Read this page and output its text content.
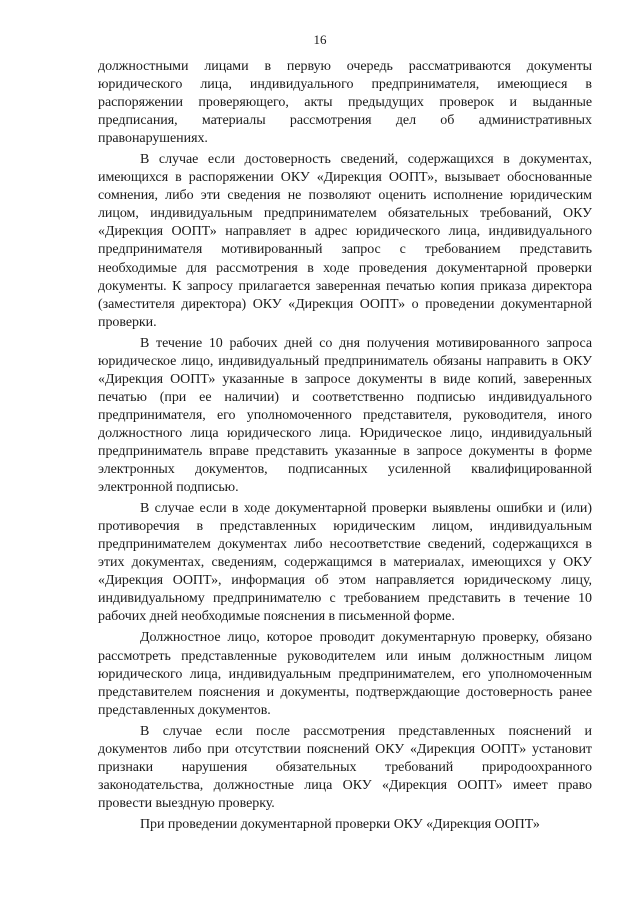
16

должностными лицами в первую очередь рассматриваются документы юридического лица, индивидуального предпринимателя, имеющиеся в распоряжении проверяющего, акты предыдущих проверок и выданные предписания, материалы рассмотрения дел об административных правонарушениях.

В случае если достоверность сведений, содержащихся в документах, имеющихся в распоряжении ОКУ «Дирекция ООПТ», вызывает обоснованные сомнения, либо эти сведения не позволяют оценить исполнение юридическим лицом, индивидуальным предпринимателем обязательных требований, ОКУ «Дирекция ООПТ» направляет в адрес юридического лица, индивидуального предпринимателя мотивированный запрос с требованием представить необходимые для рассмотрения в ходе проведения документарной проверки документы. К запросу прилагается заверенная печатью копия приказа директора (заместителя директора) ОКУ «Дирекция ООПТ» о проведении документарной проверки.

В течение 10 рабочих дней со дня получения мотивированного запроса юридическое лицо, индивидуальный предприниматель обязаны направить в ОКУ «Дирекция ООПТ» указанные в запросе документы в виде копий, заверенных печатью (при ее наличии) и соответственно подписью индивидуального предпринимателя, его уполномоченного представителя, руководителя, иного должностного лица юридического лица. Юридическое лицо, индивидуальный предприниматель вправе представить указанные в запросе документы в форме электронных документов, подписанных усиленной квалифицированной электронной подписью.

В случае если в ходе документарной проверки выявлены ошибки и (или) противоречия в представленных юридическим лицом, индивидуальным предпринимателем документах либо несоответствие сведений, содержащихся в этих документах, сведениям, содержащимся в материалах, имеющихся у ОКУ «Дирекция ООПТ», информация об этом направляется юридическому лицу, индивидуальному предпринимателю с требованием представить в течение 10 рабочих дней необходимые пояснения в письменной форме.

Должностное лицо, которое проводит документарную проверку, обязано рассмотреть представленные руководителем или иным должностным лицом юридического лица, индивидуальным предпринимателем, его уполномоченным представителем пояснения и документы, подтверждающие достоверность ранее представленных документов.

В случае если после рассмотрения представленных пояснений и документов либо при отсутствии пояснений ОКУ «Дирекция ООПТ» установит признаки нарушения обязательных требований природоохранного законодательства, должностные лица ОКУ «Дирекция ООПТ» имеет право провести выездную проверку.

При проведении документарной проверки ОКУ «Дирекция ООПТ»
